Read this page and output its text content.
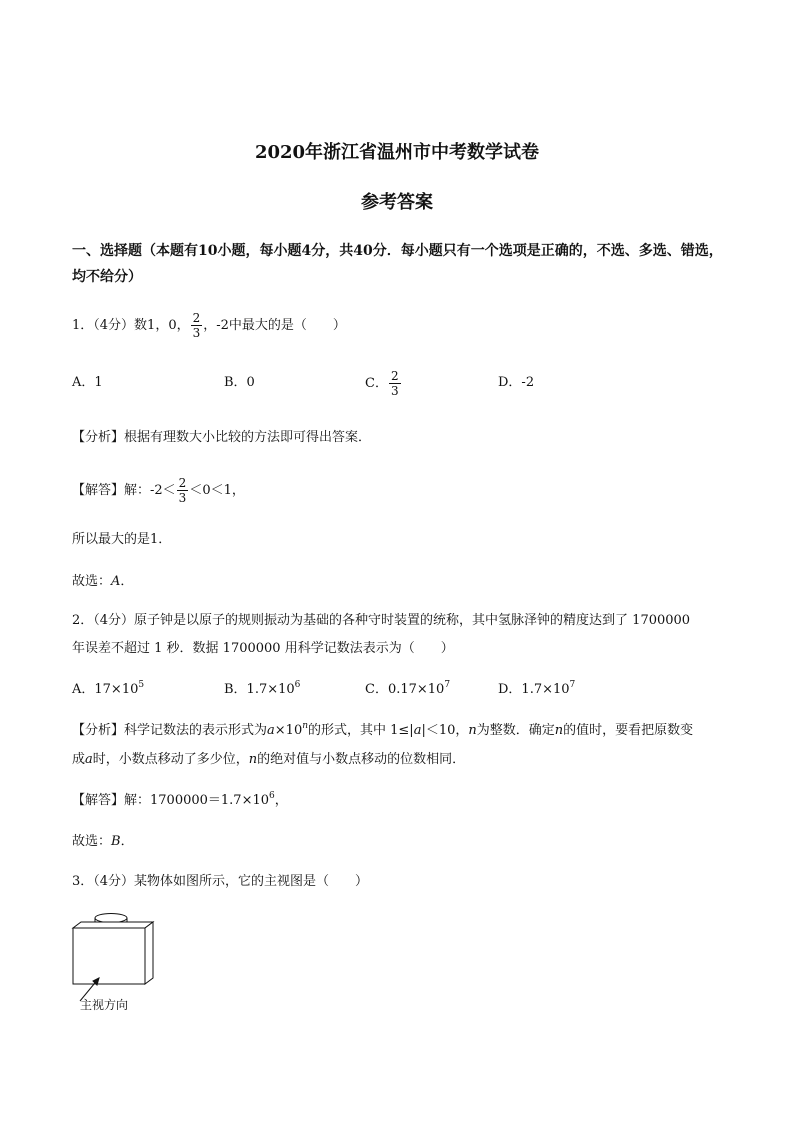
2020年浙江省温州市中考数学试卷
参考答案
一、选择题（本题有10小题，每小题4分，共40分．每小题只有一个选项是正确的，不选、多选、错选，均不给分）
1．（4分）数1，0， $\frac{2}{3}$ ，-2中最大的是（　　）
A．1	B．0	C． $\frac{2}{3}$	D．-2
【分析】根据有理数大小比较的方法即可得出答案．
【解答】解：$-2< \frac{2}{3} <0<1$，
所以最大的是1．
故选：A．
2．（4分）原子钟是以原子的规则振动为基础的各种守时装置的统称，其中氢脉泽钟的精度达到了 1700000
年误差不超过 1 秒．数据 1700000 用科学记数法表示为（　　）
A．$17\times 10^5$	B．$1.7\times 10^6$	C．$0.17\times 10^7$	D．$1.7\times 10^7$
【分析】科学记数法的表示形式为$a\times 10^n$的形式，其中 1≤|a|＜10，n为整数．确定n的值时，要看把原数变
成a时，小数点移动了多少位，n的绝对值与小数点移动的位数相同．
【解答】解：$1700000=1.7\times 10^6$，
故选：B．
3．（4分）某物体如图所示，它的主视图是（　　）
主视方向
